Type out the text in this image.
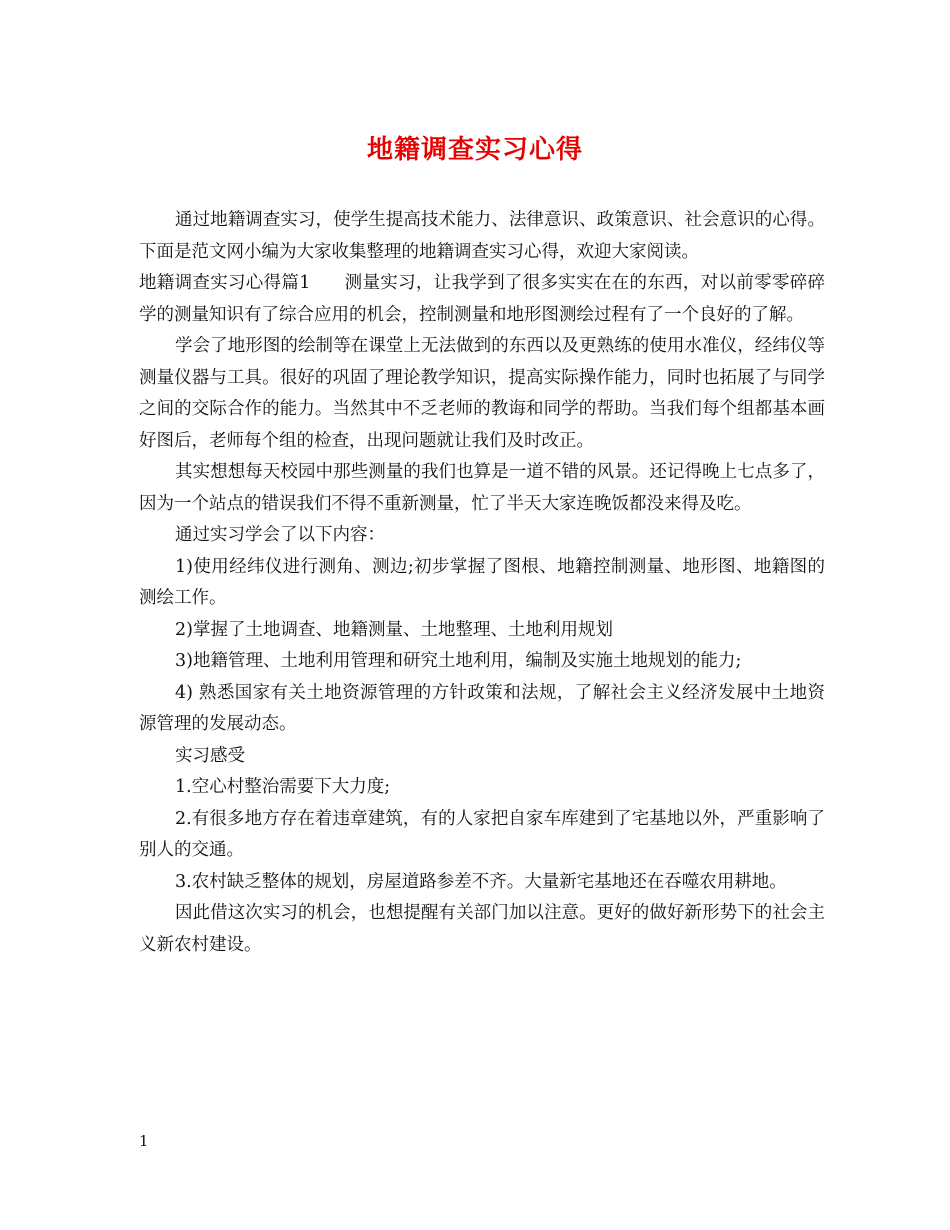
地籍调查实习心得

通过地籍调查实习，使学生提高技术能力、法律意识、政策意识、社会意识的心得。下面是范文网小编为大家收集整理的地籍调查实习心得，欢迎大家阅读。

地籍调查实习心得篇1 测量实习，让我学到了很多实实在在的东西，对以前零零碎碎学的测量知识有了综合应用的机会，控制测量和地形图测绘过程有了一个良好的了解。

学会了地形图的绘制等在课堂上无法做到的东西以及更熟练的使用水准仪，经纬仪等测量仪器与工具。很好的巩固了理论教学知识，提高实际操作能力，同时也拓展了与同学之间的交际合作的能力。当然其中不乏老师的教诲和同学的帮助。当我们每个组都基本画好图后，老师每个组的检查，出现问题就让我们及时改正。

其实想想每天校园中那些测量的我们也算是一道不错的风景。还记得晚上七点多了，因为一个站点的错误我们不得不重新测量，忙了半天大家连晚饭都没来得及吃。

通过实习学会了以下内容：

1)使用经纬仪进行测角、测边;初步掌握了图根、地籍控制测量、地形图、地籍图的测绘工作。

2)掌握了土地调查、地籍测量、土地整理、土地利用规划

3)地籍管理、土地利用管理和研究土地利用，编制及实施土地规划的能力;

4) 熟悉国家有关土地资源管理的方针政策和法规，了解社会主义经济发展中土地资源管理的发展动态。

实习感受

1.空心村整治需要下大力度;

2.有很多地方存在着违章建筑，有的人家把自家车库建到了宅基地以外，严重影响了别人的交通。

3.农村缺乏整体的规划，房屋道路参差不齐。大量新宅基地还在吞噬农用耕地。

因此借这次实习的机会，也想提醒有关部门加以注意。更好的做好新形势下的社会主义新农村建设。

1
